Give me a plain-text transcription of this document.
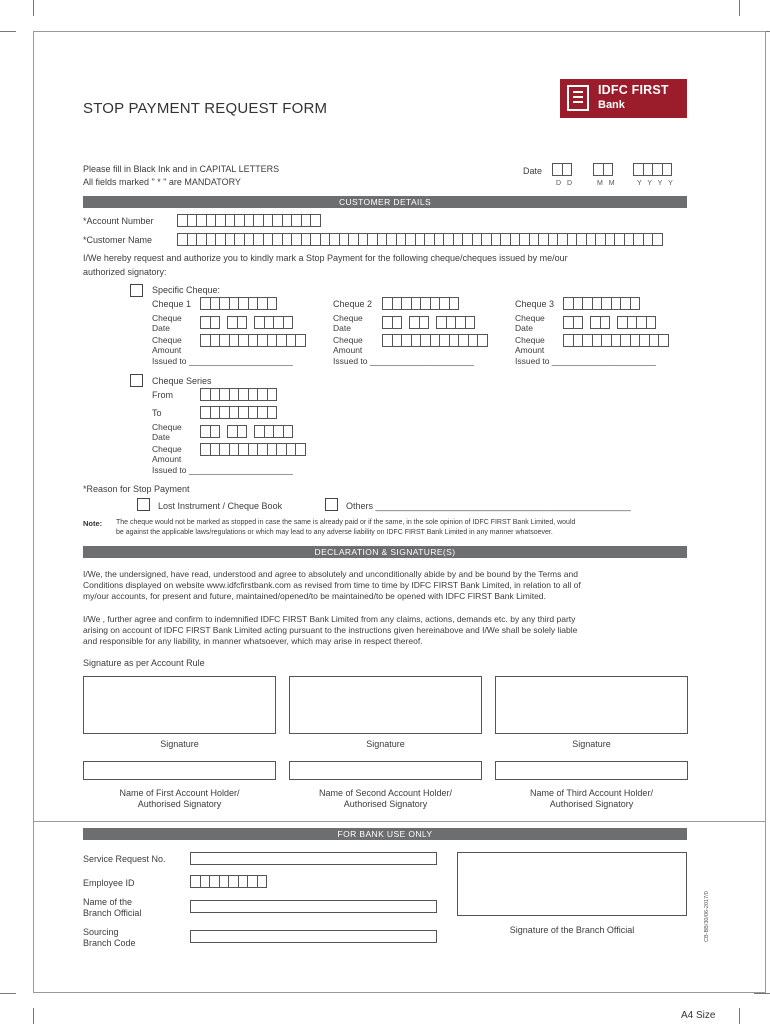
STOP PAYMENT REQUEST FORM
IDFC FIRST
Bank
Please fill in Black Ink and in CAPITAL LETTERS
All fields marked " * " are MANDATORY
Date
D D	M M	Y Y Y Y
CUSTOMER DETAILS
*Account Number
*Customer Name
I/We hereby request and authorize you to kindly mark a Stop Payment for the following cheque/cheques issued by me/our
authorized signatory:
Specific Cheque:
Cheque 1
Cheque
Date
Cheque
Amount
Issued to ______________________
Cheque 2
Cheque
Date
Cheque
Amount
Issued to ______________________
Cheque 3
Cheque
Date
Cheque
Amount
Issued to ______________________
Cheque Series
From
To
Cheque
Date
Cheque
Amount
Issued to ______________________
*Reason for Stop Payment
Lost Instrument / Cheque Book	Others ___________________________________________________
Note: The cheque would not be marked as stopped in case the same is already paid or if the same, in the sole opinion of IDFC FIRST Bank Limited, would
be against the applicable laws/regulations or which may lead to any adverse liability on IDFC FIRST Bank Limited in any manner whatsoever.
DECLARATION & SIGNATURE(S)
I/We, the undersigned, have read, understood and agree to absolutely and unconditionally abide by and be bound by the Terms and
Conditions displayed on website www.idfcfirstbank.com as revised from time to time by IDFC FIRST Bank Limited, in relation to all of
my/our accounts, for present and future, maintained/opened/to be maintained/to be opened with IDFC FIRST Bank Limited.
I/We , further agree and confirm to indemnified IDFC FIRST Bank Limited from any claims, actions, demands etc. by any third party
arising on account of IDFC FIRST Bank Limited acting pursuant to the instructions given hereinabove and I/We shall be solely liable
and responsible for any liability, in manner whatsoever, which may arise in respect thereof.
Signature as per Account Rule
Signature	Signature	Signature
Name of First Account Holder/
Authorised Signatory
Name of Second Account Holder/
Authorised Signatory
Name of Third Account Holder/
Authorised Signatory
FOR BANK USE ONLY
Service Request No.
Employee ID
Name of the
Branch Official
Sourcing
Branch Code
Signature of the Branch Official	CB-BB/30/06-2017/0
A4 Size
